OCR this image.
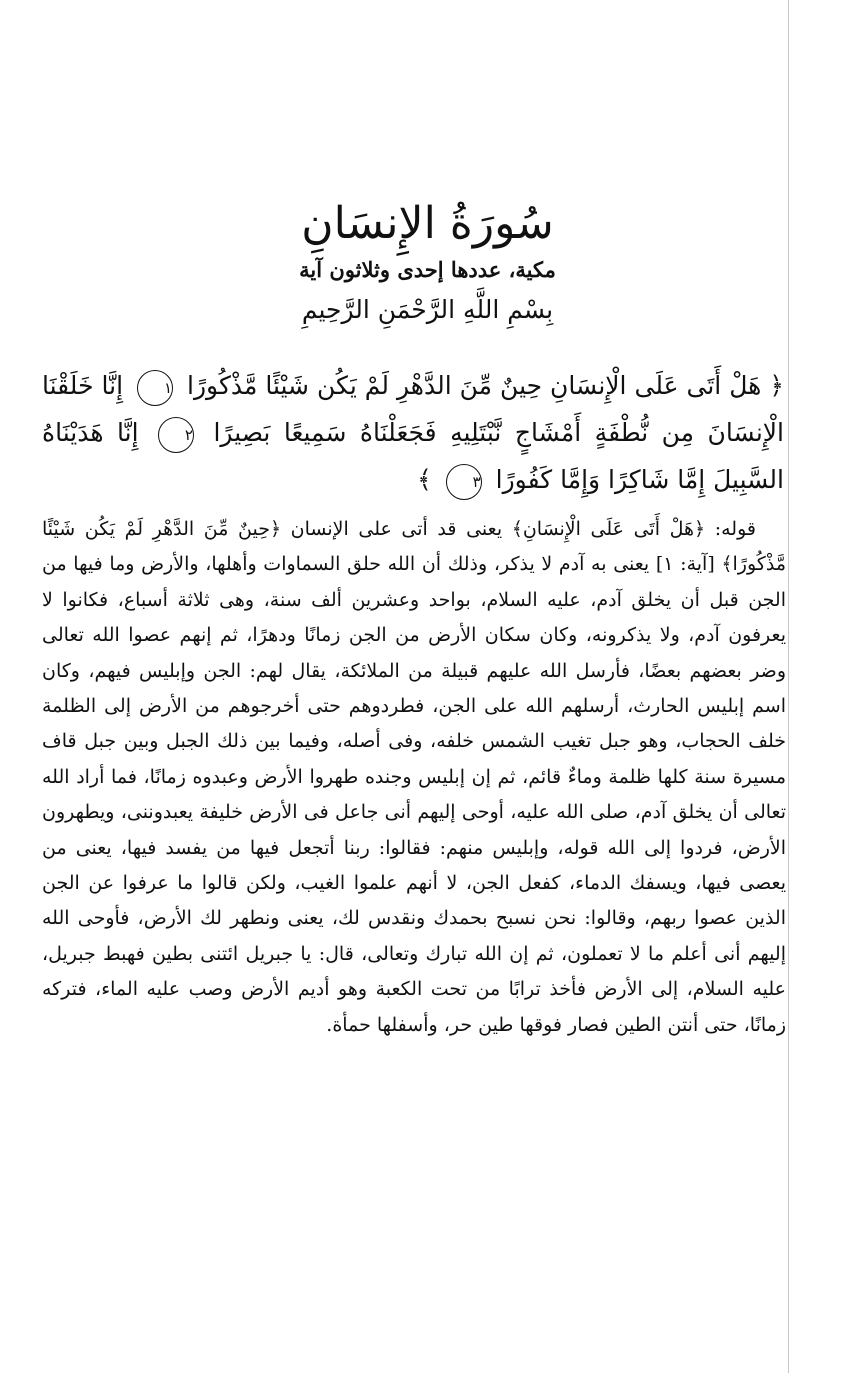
سُورَةُ الإِنسَانِ
مكية، عددها إحدى وثلاثون آية
بِسْمِ اللَّهِ الرَّحْمَنِ الرَّحِيمِ
﴿ هَلْ أَتَى عَلَى الْإِنسَانِ حِينٌ مِّنَ الدَّهْرِ لَمْ يَكُن شَيْئًا مَّذْكُورًا ١ إِنَّا خَلَقْنَا الْإِنسَانَ مِن نُّطْفَةٍ أَمْشَاجٍ نَّبْتَلِيهِ فَجَعَلْنَاهُ سَمِيعًا بَصِيرًا ٢ إِنَّا هَدَيْنَاهُ السَّبِيلَ إِمَّا شَاكِرًا وَإِمَّا كَفُورًا ٣ ﴾

قوله: ﴿هَلْ أَتَى عَلَى الْإِنسَانِ﴾ يعنى قد أتى على الإنسان ﴿حِينٌ مِّنَ الدَّهْرِ لَمْ يَكُن شَيْئًا مَّذْكُورًا﴾ [آية: ١] يعنى به آدم لا يذكر، وذلك أن الله حلق السماوات وأهلها، والأرض وما فيها من الجن قبل أن يخلق آدم، عليه السلام، بواحد وعشرين ألف سنة، وهى ثلاثة أسباع، فكانوا لا يعرفون آدم، ولا يذكرونه، وكان سكان الأرض من الجن زمانًا ودهرًا، ثم إنهم عصوا الله تعالى وضر بعضهم بعضًا، فأرسل الله عليهم قبيلة من الملائكة، يقال لهم: الجن وإبليس فيهم، وكان اسم إبليس الحارث، أرسلهم الله على الجن، فطردوهم حتى أخرجوهم من الأرض إلى الظلمة خلف الحجاب، وهو جبل تغيب الشمس خلفه، وفى أصله، وفيما بين ذلك الجبل وبين جبل قاف مسيرة سنة كلها ظلمة وماءٌ قائم، ثم إن إبليس وجنده طهروا الأرض وعبدوه زمانًا، فما أراد الله تعالى أن يخلق آدم، صلى الله عليه، أوحى إليهم أنى جاعل فى الأرض خليفة يعبدوننى، ويطهرون الأرض، فردوا إلى الله قوله، وإبليس منهم: فقالوا: ربنا أتجعل فيها من يفسد فيها، يعنى من يعصى فيها، ويسفك الدماء، كفعل الجن، لا أنهم علموا الغيب، ولكن قالوا ما عرفوا عن الجن الذين عصوا ربهم، وقالوا: نحن نسبح بحمدك ونقدس لك، يعنى ونطهر لك الأرض، فأوحى الله إليهم أنى أعلم ما لا تعملون، ثم إن الله تبارك وتعالى، قال: يا جبريل ائتنى بطين فهبط جبريل، عليه السلام، إلى الأرض فأخذ ترابًا من تحت الكعبة وهو أديم الأرض وصب عليه الماء، فتركه زمانًا، حتى أنتن الطين فصار فوقها طين حر، وأسفلها حمأة.
